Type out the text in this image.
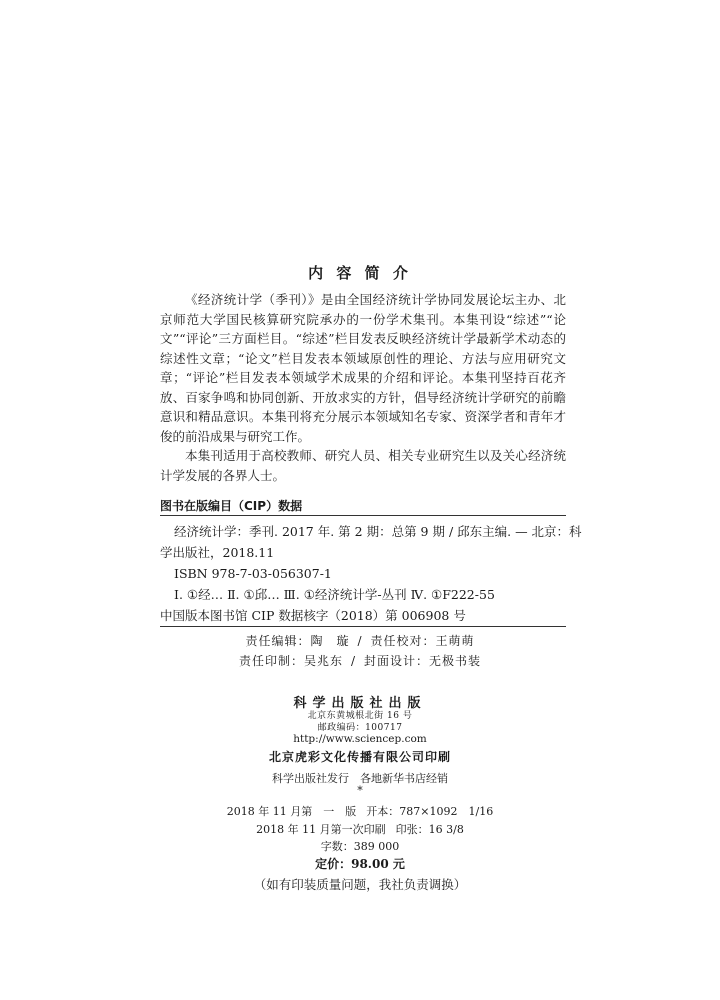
内 容 简 介

《经济统计学（季刊）》是由全国经济统计学协同发展论坛主办、北京师范大学国民核算研究院承办的一份学术集刊。本集刊设“综述”“论文”“评论”三方面栏目。“综述”栏目发表反映经济统计学最新学术动态的综述性文章；“论文”栏目发表本领域原创性的理论、方法与应用研究文章；“评论”栏目发表本领域学术成果的介绍和评论。本集刊坚持百花齐放、百家争鸣和协同创新、开放求实的方针，倡导经济统计学研究的前瞻意识和精品意识。本集刊将充分展示本领域知名专家、资深学者和青年才俊的前沿成果与研究工作。

本集刊适用于高校教师、研究人员、相关专业研究生以及关心经济统计学发展的各界人士。

图书在版编目（CIP）数据
经济统计学：季刊. 2017 年. 第 2 期：总第 9 期 / 邱东主编. — 北京：科
学出版社，2018.11
ISBN 978-7-03-056307-1
Ⅰ. ①经… Ⅱ. ①邱… Ⅲ. ①经济统计学-丛刊 Ⅳ. ①F222-55
中国版本图书馆 CIP 数据核字（2018）第 006908 号
责任编辑：陶　璇 / 责任校对：王萌萌
责任印制：吴兆东 / 封面设计：无极书装
科学出版社出版
北京东黄城根北街 16 号
邮政编码：100717
http://www.sciencep.com
北京虎彩文化传播有限公司印刷
科学出版社发行　各地新华书店经销
*
2018 年 11 月第　一　版 开本：787×1092　1/16
2018 年 11 月第一次印刷 印张：16 3/8
字数：389 000
定价：98.00 元
（如有印装质量问题，我社负责调换）
